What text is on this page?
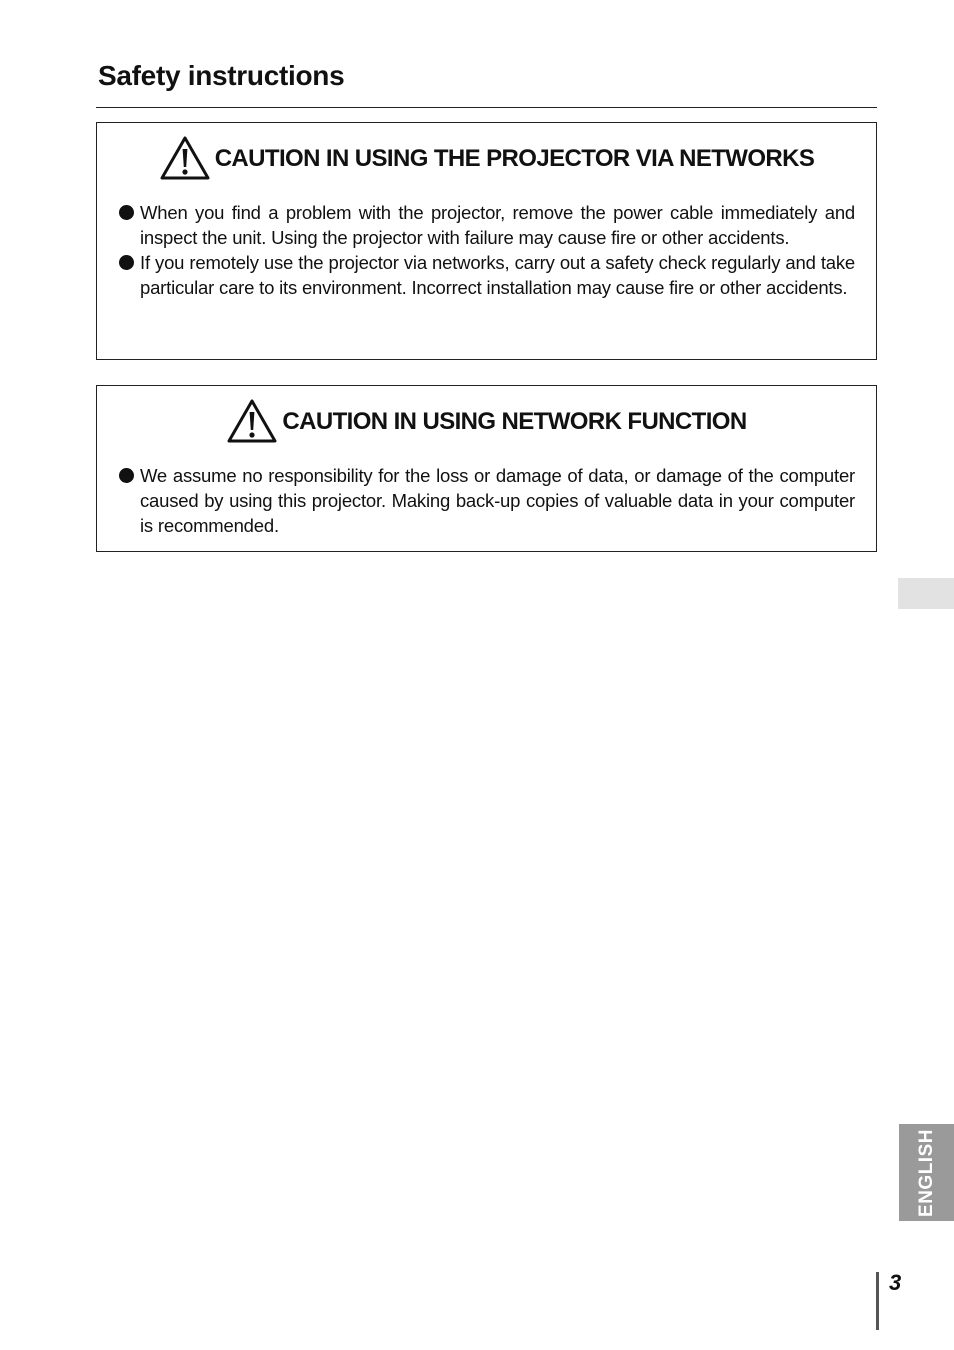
Safety instructions
CAUTION IN USING THE PROJECTOR VIA NETWORKS
When you find a problem with the projector, remove the power cable immediately and inspect the unit. Using the projector with failure may cause fire or other accidents.
If you remotely use the projector via networks, carry out a safety check regularly and take particular care to its environment. Incorrect installation may cause fire or other accidents.
CAUTION IN USING NETWORK FUNCTION
We assume no responsibility for the loss or damage of data, or damage of the computer caused by using this projector. Making back-up copies of valuable data in your computer is recommended.
ENGLISH
3
